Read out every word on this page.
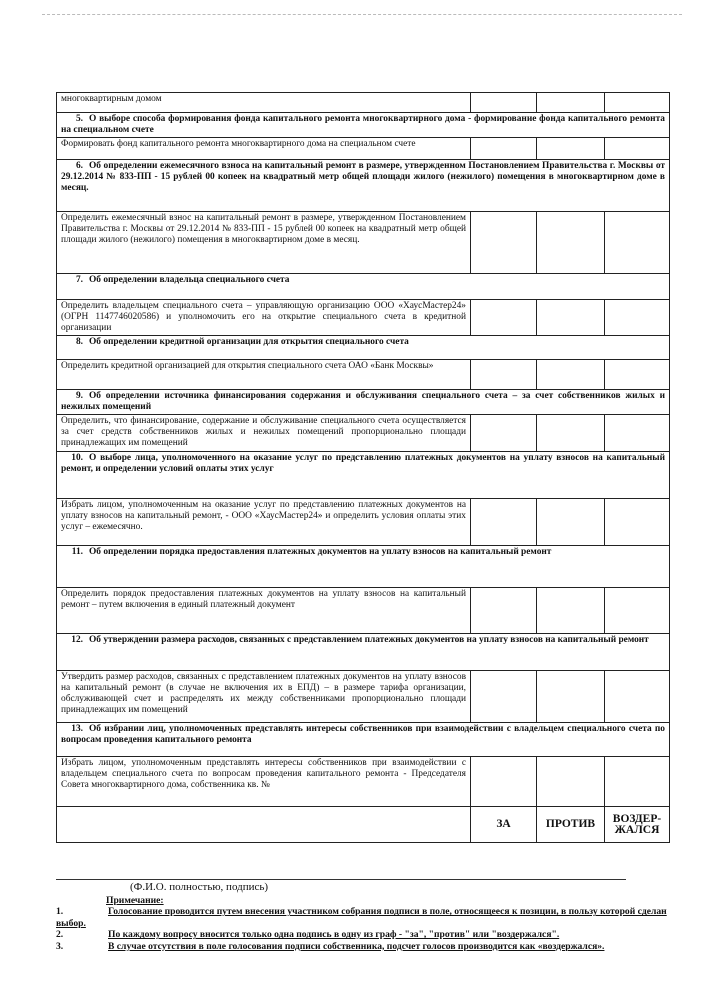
многоквартирным домом			
5. О выборе способа формирования фонда капитального ремонта многоквартирного дома - формирование фонда капитального ремонта на специальном счете			
Формировать фонд капитального ремонта многоквартирного дома на специальном счете			
6. Об определении ежемесячного взноса на капитальный ремонт в размере, утвержденном Постановлением Правительства г. Москвы от 29.12.2014 № 833-ПП - 15 рублей 00 копеек на квадратный метр общей площади жилого (нежилого) помещения в многоквартирном доме в месяц.			
Определить ежемесячный взнос на капитальный ремонт в размере, утвержденном Постановлением Правительства г. Москвы от 29.12.2014 № 833-ПП - 15 рублей 00 копеек на квадратный метр общей площади жилого (нежилого) помещения в многоквартирном доме в месяц.			
7. Об определении владельца специального счета			
Определить владельцем специального счета – управляющую организацию ООО «ХаусМастер24» (ОГРН 1147746020586) и уполномочить его на открытие специального счета в кредитной организации			
8. Об определении кредитной организации для открытия специального счета			
Определить кредитной организацией для открытия специального счета ОАО «Банк Москвы»			
9. Об определении источника финансирования содержания и обслуживания специального счета – за счет собственников жилых и нежилых помещений			
Определить, что финансирование, содержание и обслуживание специального счета осуществляется за счет средств собственников жилых и нежилых помещений пропорционально площади принадлежащих им помещений			
10. О выборе лица, уполномоченного на оказание услуг по представлению платежных документов на уплату взносов на капитальный ремонт, и определении условий оплаты этих услуг			
Избрать лицом, уполномоченным на оказание услуг по представлению платежных документов на уплату взносов на капитальный ремонт, - ООО «ХаусМастер24» и определить условия оплаты этих услуг – ежемесячно.			
11. Об определении порядка предоставления платежных документов на уплату взносов на капитальный ремонт			
Определить порядок предоставления платежных документов на уплату взносов на капитальный ремонт – путем включения в единый платежный документ			
12. Об утверждении размера расходов, связанных с представлением платежных документов на уплату взносов на капитальный ремонт			
Утвердить размер расходов, связанных с представлением платежных документов на уплату взносов на капитальный ремонт (в случае не включения их в ЕПД) – в размере тарифа организации, обслуживающей счет и распределять их между собственниками пропорционально площади принадлежащих им помещений			
13. Об избрании лиц, уполномоченных представлять интересы собственников при взаимодействии с владельцем специального счета по вопросам проведения капитального ремонта			
Избрать лицом, уполномоченным представлять интересы собственников при взаимодействии с владельцем специального счета по вопросам проведения капитального ремонта - Председателя Совета многоквартирного дома, собственника кв. №			
	ЗА	ПРОТИВ	ВОЗДЕР-
ЖАЛСЯ
(Ф.И.О. полностью, подпись)
Примечание:
1.	Голосование проводится путем внесения участником собрания подписи в поле, относящееся к позиции, в пользу которой сделан выбор.
2.	По каждому вопросу вносится только одна подпись в одну из граф - "за", "против" или "воздержался".
3.	В случае отсутствия в поле голосования подписи собственника, подсчет голосов производится как «воздержался».
